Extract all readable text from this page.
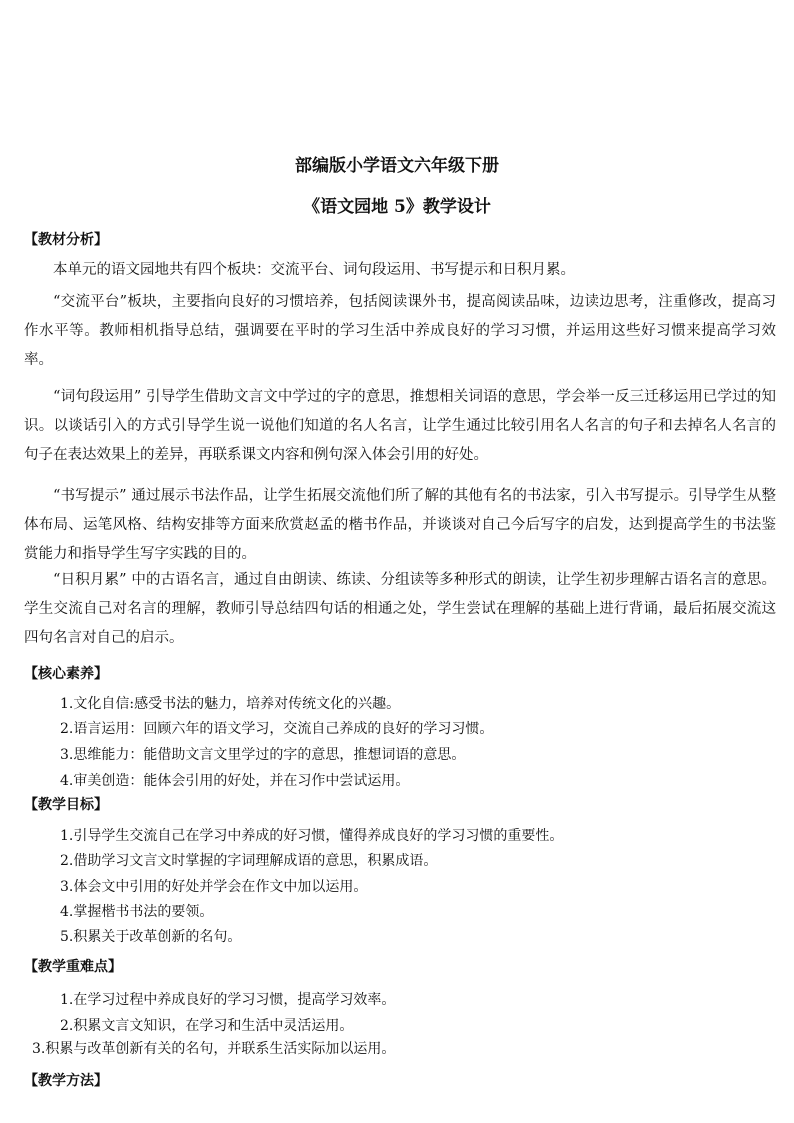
部编版小学语文六年级下册
《语文园地 5》教学设计
【教材分析】

本单元的语文园地共有四个板块：交流平台、词句段运用、书写提示和日积月累。

“交流平台”板块，主要指向良好的习惯培养，包括阅读课外书，提高阅读品味，边读边思考，注重修改，提高习作水平等。教师相机指导总结，强调要在平时的学习生活中养成良好的学习习惯，并运用这些好习惯来提高学习效率。

“词句段运用” 引导学生借助文言文中学过的字的意思，推想相关词语的意思，学会举一反三迁移运用已学过的知识。以谈话引入的方式引导学生说一说他们知道的名人名言，让学生通过比较引用名人名言的句子和去掉名人名言的句子在表达效果上的差异，再联系课文内容和例句深入体会引用的好处。

“书写提示” 通过展示书法作品，让学生拓展交流他们所了解的其他有名的书法家，引入书写提示。引导学生从整体布局、运笔风格、结构安排等方面来欣赏赵孟的楷书作品，并谈谈对自己今后写字的启发，达到提高学生的书法鉴赏能力和指导学生写字实践的目的。

“日积月累” 中的古语名言，通过自由朗读、练读、分组读等多种形式的朗读，让学生初步理解古语名言的意思。学生交流自己对名言的理解，教师引导总结四句话的相通之处，学生尝试在理解的基础上进行背诵，最后拓展交流这四句名言对自己的启示。

【核心素养】
1.文化自信:感受书法的魅力，培养对传统文化的兴趣。
2.语言运用：回顾六年的语文学习，交流自己养成的良好的学习习惯。
3.思维能力：能借助文言文里学过的字的意思，推想词语的意思。
4.审美创造：能体会引用的好处，并在习作中尝试运用。
【教学目标】
1.引导学生交流自己在学习中养成的好习惯，懂得养成良好的学习习惯的重要性。
2.借助学习文言文时掌握的字词理解成语的意思，积累成语。
3.体会文中引用的好处并学会在作文中加以运用。
4.掌握楷书书法的要领。
5.积累关于改革创新的名句。
【教学重难点】
1.在学习过程中养成良好的学习习惯，提高学习效率。
2.积累文言文知识，在学习和生活中灵活运用。
3.积累与改革创新有关的名句，并联系生活实际加以运用。
【教学方法】
